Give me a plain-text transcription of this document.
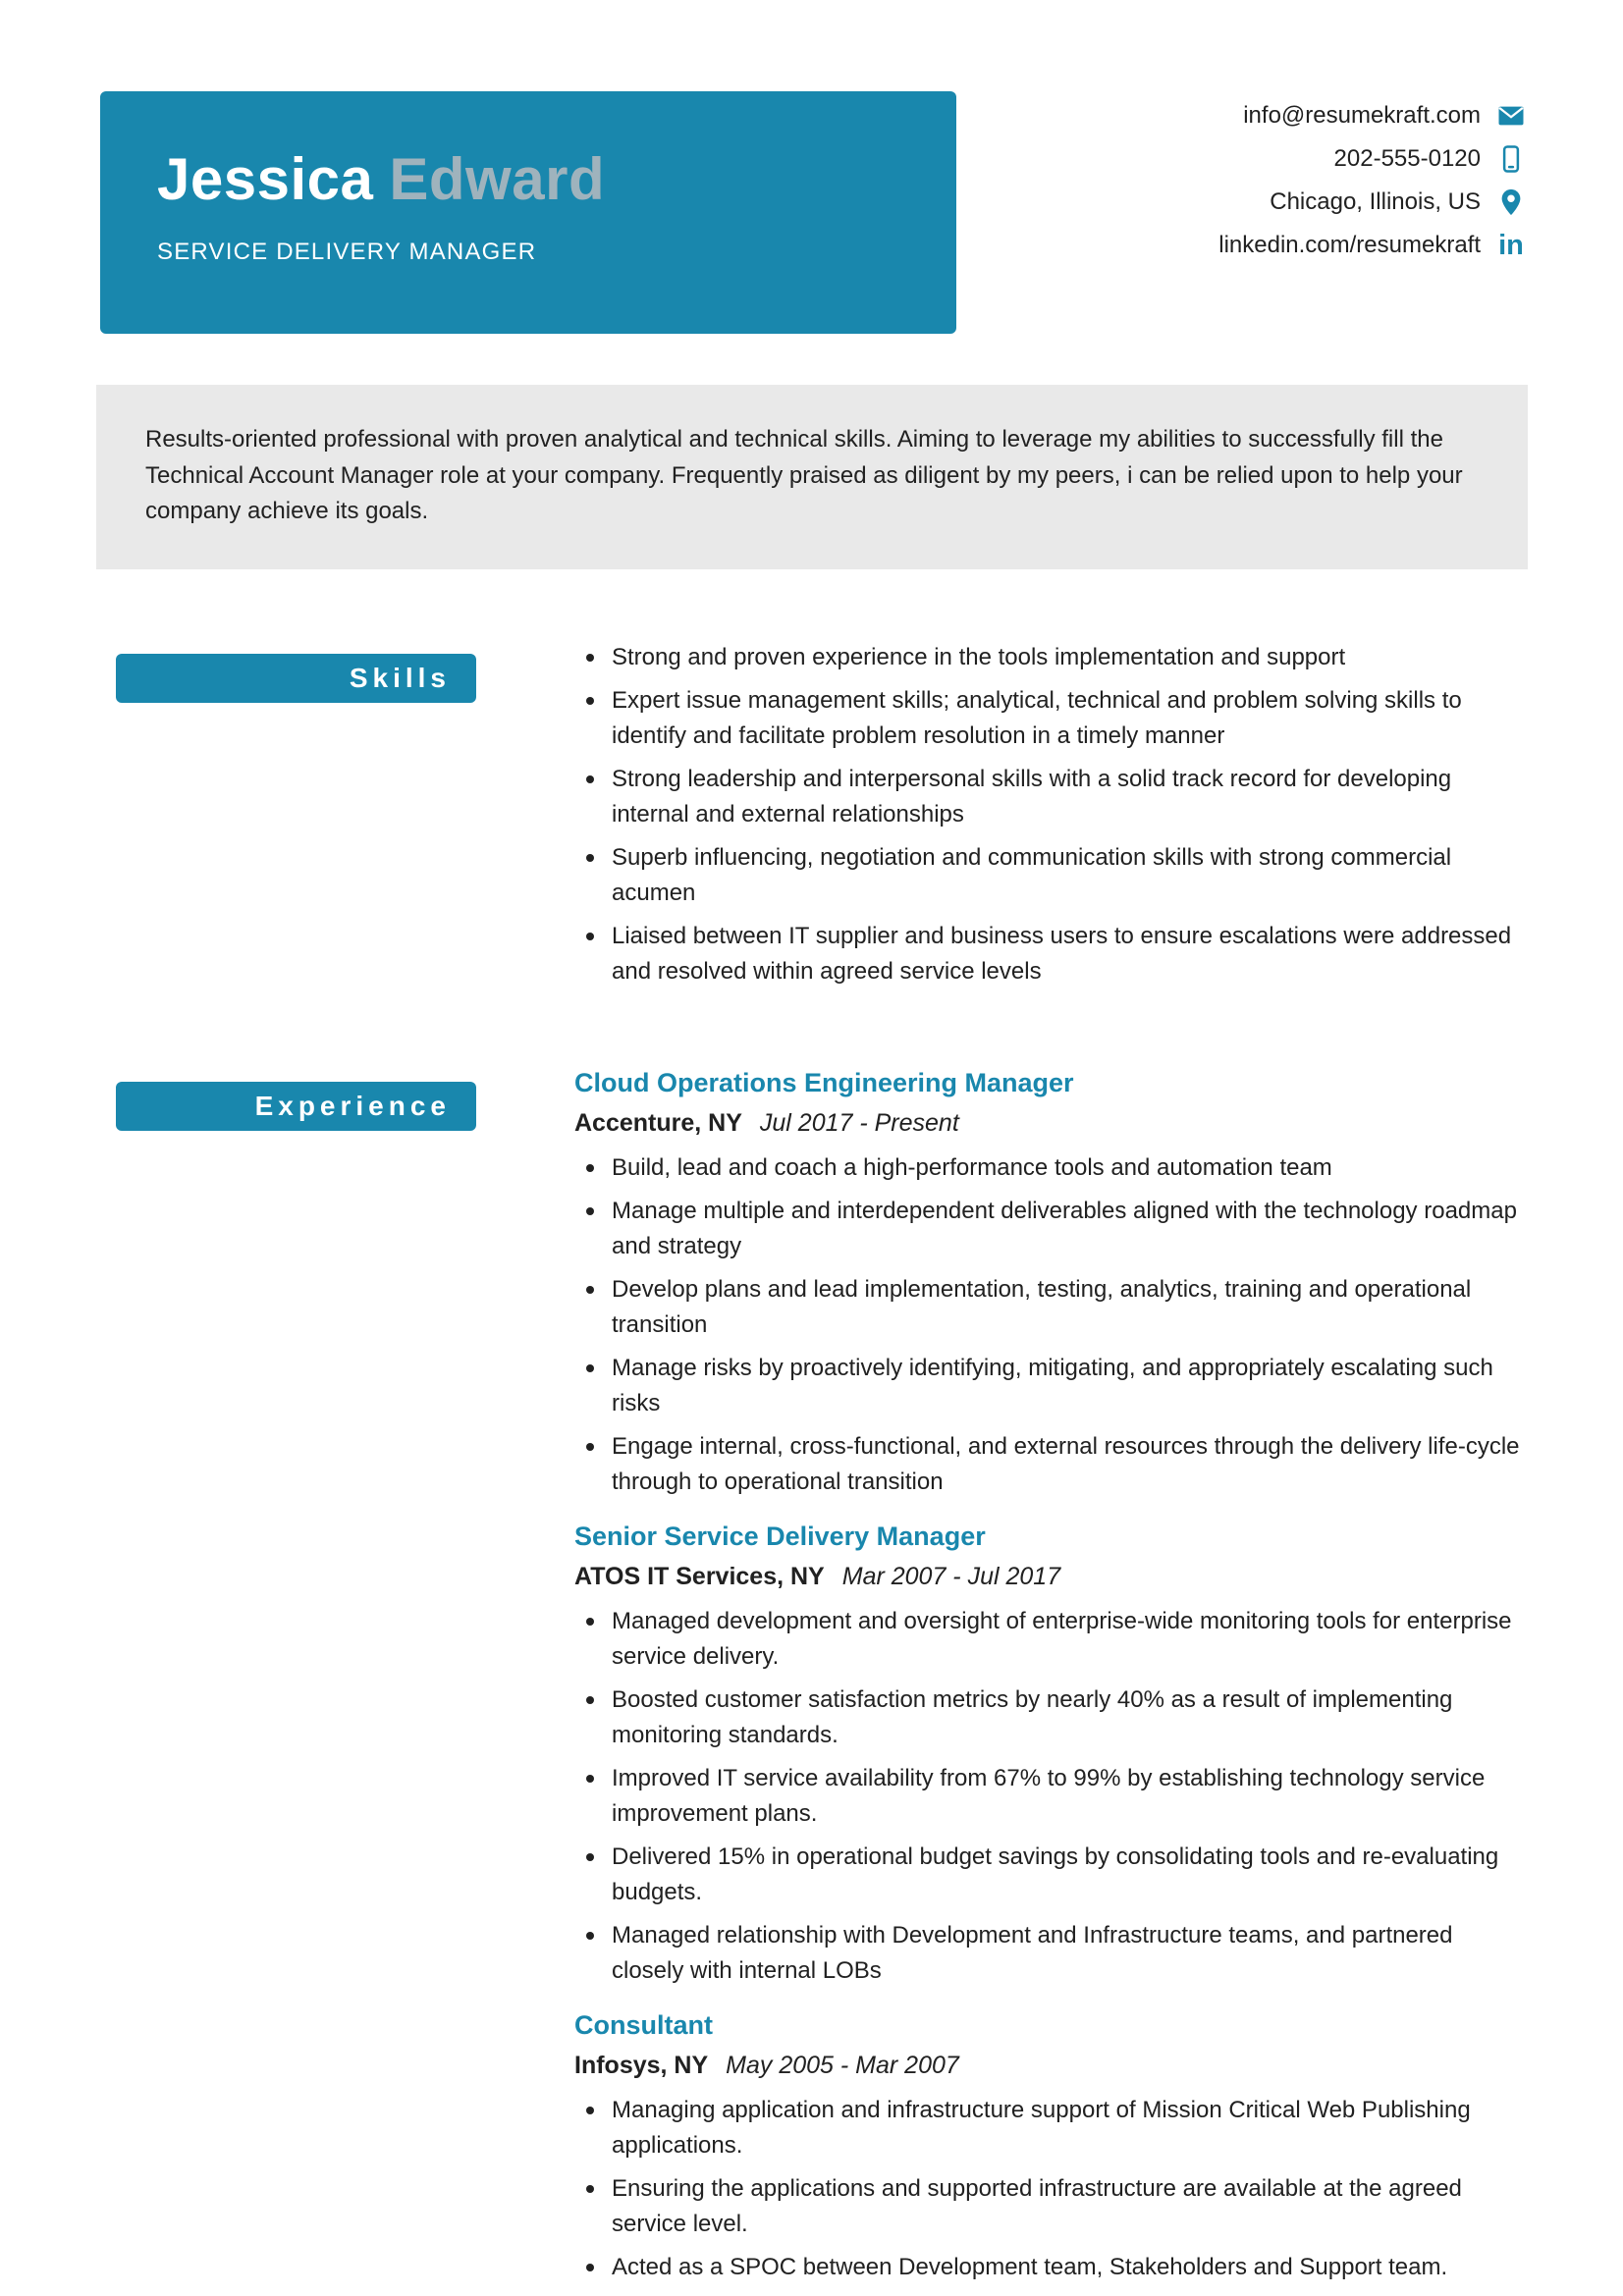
Jessica Edward
SERVICE DELIVERY MANAGER
info@resumekraft.com
202-555-0120
Chicago, Illinois, US
linkedin.com/resumekraft in
Results-oriented professional with proven analytical and technical skills. Aiming to leverage my abilities to successfully fill the Technical Account Manager role at your company. Frequently praised as diligent by my peers, i can be relied upon to help your company achieve its goals.
Skills
Strong and proven experience in the tools implementation and support
Expert issue management skills; analytical, technical and problem solving skills to identify and facilitate problem resolution in a timely manner
Strong leadership and interpersonal skills with a solid track record for developing internal and external relationships
Superb influencing, negotiation and communication skills with strong commercial acumen
Liaised between IT supplier and business users to ensure escalations were addressed and resolved within agreed service levels
Experience
Cloud Operations Engineering Manager
Accenture, NY Jul 2017 - Present
Build, lead and coach a high-performance tools and automation team
Manage multiple and interdependent deliverables aligned with the technology roadmap and strategy
Develop plans and lead implementation, testing, analytics, training and operational transition
Manage risks by proactively identifying, mitigating, and appropriately escalating such risks
Engage internal, cross-functional, and external resources through the delivery life-cycle through to operational transition
Senior Service Delivery Manager
ATOS IT Services, NY Mar 2007 - Jul 2017
Managed development and oversight of enterprise-wide monitoring tools for enterprise service delivery.
Boosted customer satisfaction metrics by nearly 40% as a result of implementing monitoring standards.
Improved IT service availability from 67% to 99% by establishing technology service improvement plans.
Delivered 15% in operational budget savings by consolidating tools and re-evaluating budgets.
Managed relationship with Development and Infrastructure teams, and partnered closely with internal LOBs
Consultant
Infosys, NY May 2005 - Mar 2007
Managing application and infrastructure support of Mission Critical Web Publishing applications.
Ensuring the applications and supported infrastructure are available at the agreed service level.
Acted as a SPOC between Development team, Stakeholders and Support team.
